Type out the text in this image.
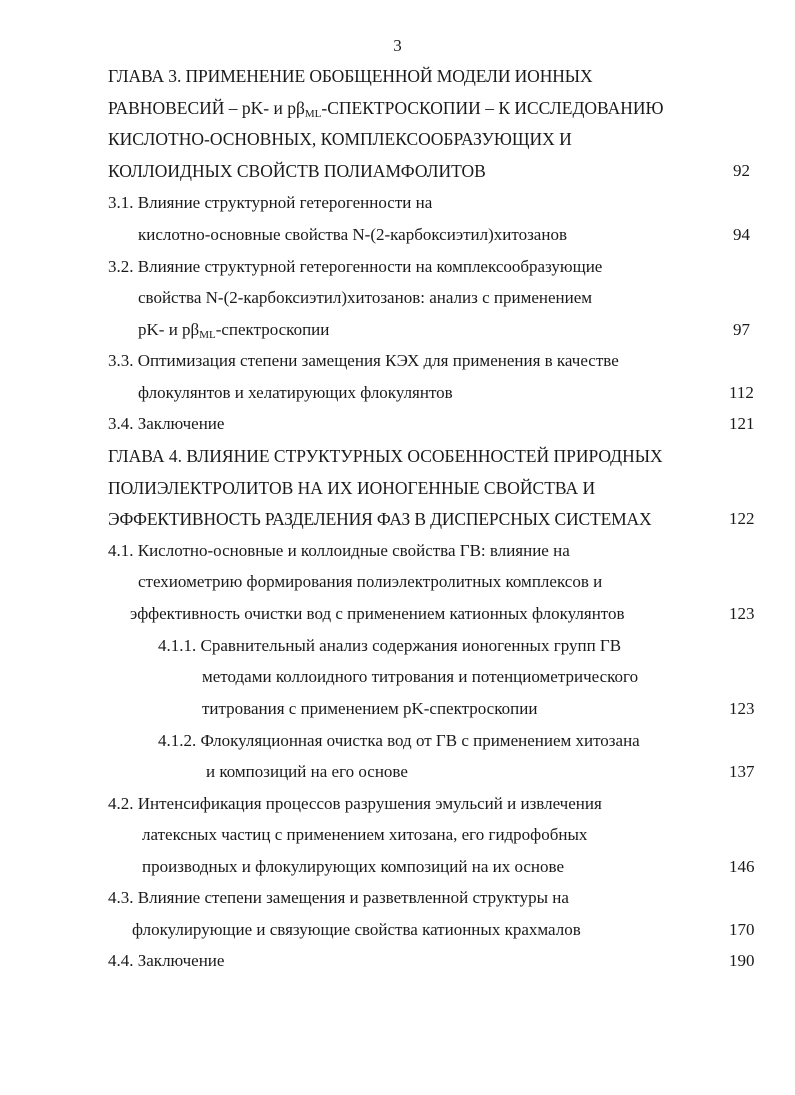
3
ГЛАВА 3. ПРИМЕНЕНИЕ ОБОБЩЕННОЙ МОДЕЛИ ИОННЫХ
РАВНОВЕСИЙ – pK- и $p\beta_{ML}$-СПЕКТРОСКОПИИ – К ИССЛЕДОВАНИЮ
КИСЛОТНО-ОСНОВНЫХ, КОМПЛЕКСООБРАЗУЮЩИХ И
КОЛЛОИДНЫХ СВОЙСТВ ПОЛИАМФОЛИТОВ	92
3.1. Влияние структурной гетерогенности на
кислотно-основные свойства N-(2-карбоксиэтил)хитозанов	94
3.2. Влияние структурной гетерогенности на комплексообразующие
свойства N-(2-карбоксиэтил)хитозанов: анализ с применением
pK- и $p\beta_{ML}$-спектроскопии	97
3.3. Оптимизация степени замещения КЭХ для применения в качестве
флокулянтов и хелатирующих флокулянтов	112
3.4. Заключение	121
ГЛАВА 4. ВЛИЯНИЕ СТРУКТУРНЫХ ОСОБЕННОСТЕЙ ПРИРОДНЫХ
ПОЛИЭЛЕКТРОЛИТОВ НА ИХ ИОНОГЕННЫЕ СВОЙСТВА И
ЭФФЕКТИВНОСТЬ РАЗДЕЛЕНИЯ ФАЗ В ДИСПЕРСНЫХ СИСТЕМАХ	122
4.1. Кислотно-основные и коллоидные свойства ГВ: влияние на
стехиометрию формирования полиэлектролитных комплексов и
эффективность очистки вод с применением катионных флокулянтов	123
4.1.1. Сравнительный анализ содержания ионогенных групп ГВ
методами коллоидного титрования и потенциометрического
титрования с применением pK-спектроскопии	123
4.1.2. Флокуляционная очистка вод от ГВ с применением хитозана
и композиций на его основе	137
4.2. Интенсификация процессов разрушения эмульсий и извлечения
латексных частиц с применением хитозана, его гидрофобных
производных и флокулирующих композиций на их основе	146
4.3. Влияние степени замещения и разветвленной структуры на
флокулирующие и связующие свойства катионных крахмалов	170
4.4. Заключение	190
